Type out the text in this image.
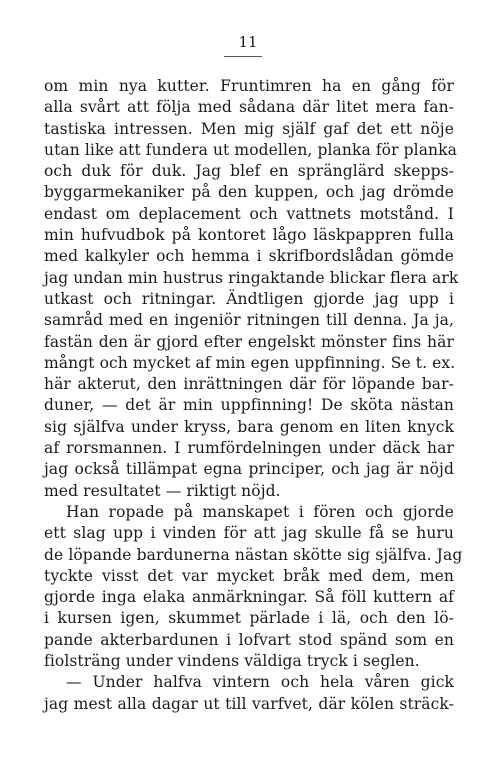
11
om min nya kutter. Fruntimren ha en gång för
alla svårt att följa med sådana där litet mera fan-
tastiska intressen. Men mig själf gaf det ett nöje
utan like att fundera ut modellen, planka för planka
och duk för duk. Jag blef en spränglärd skepps-
byggarmekaniker på den kuppen, och jag drömde
endast om deplacement och vattnets motstånd. I
min hufvudbok på kontoret lågo läskpappren fulla
med kalkyler och hemma i skrifbordslådan gömde
jag undan min hustrus ringaktande blickar flera ark
utkast och ritningar. Ändtligen gjorde jag upp i
samråd med en ingeniör ritningen till denna. Ja ja,
fastän den är gjord efter engelskt mönster fins här
mångt och mycket af min egen uppfinning. Se t. ex.
här akterut, den inrättningen där för löpande bar-
duner, — det är min uppfinning! De sköta nästan
sig själfva under kryss, bara genom en liten knyck
af rorsmannen. I rumfördelningen under däck har
jag också tillämpat egna principer, och jag är nöjd
med resultatet — riktigt nöjd.
Han ropade på manskapet i fören och gjorde
ett slag upp i vinden för att jag skulle få se huru
de löpande bardunerna nästan skötte sig själfva. Jag
tyckte visst det var mycket bråk med dem, men
gjorde inga elaka anmärkningar. Så föll kuttern af
i kursen igen, skummet pärlade i lä, och den lö-
pande akterbardunen i lofvart stod spänd som en
fiolsträng under vindens väldiga tryck i seglen.
— Under halfva vintern och hela våren gick
jag mest alla dagar ut till varfvet, där kölen sträck-
